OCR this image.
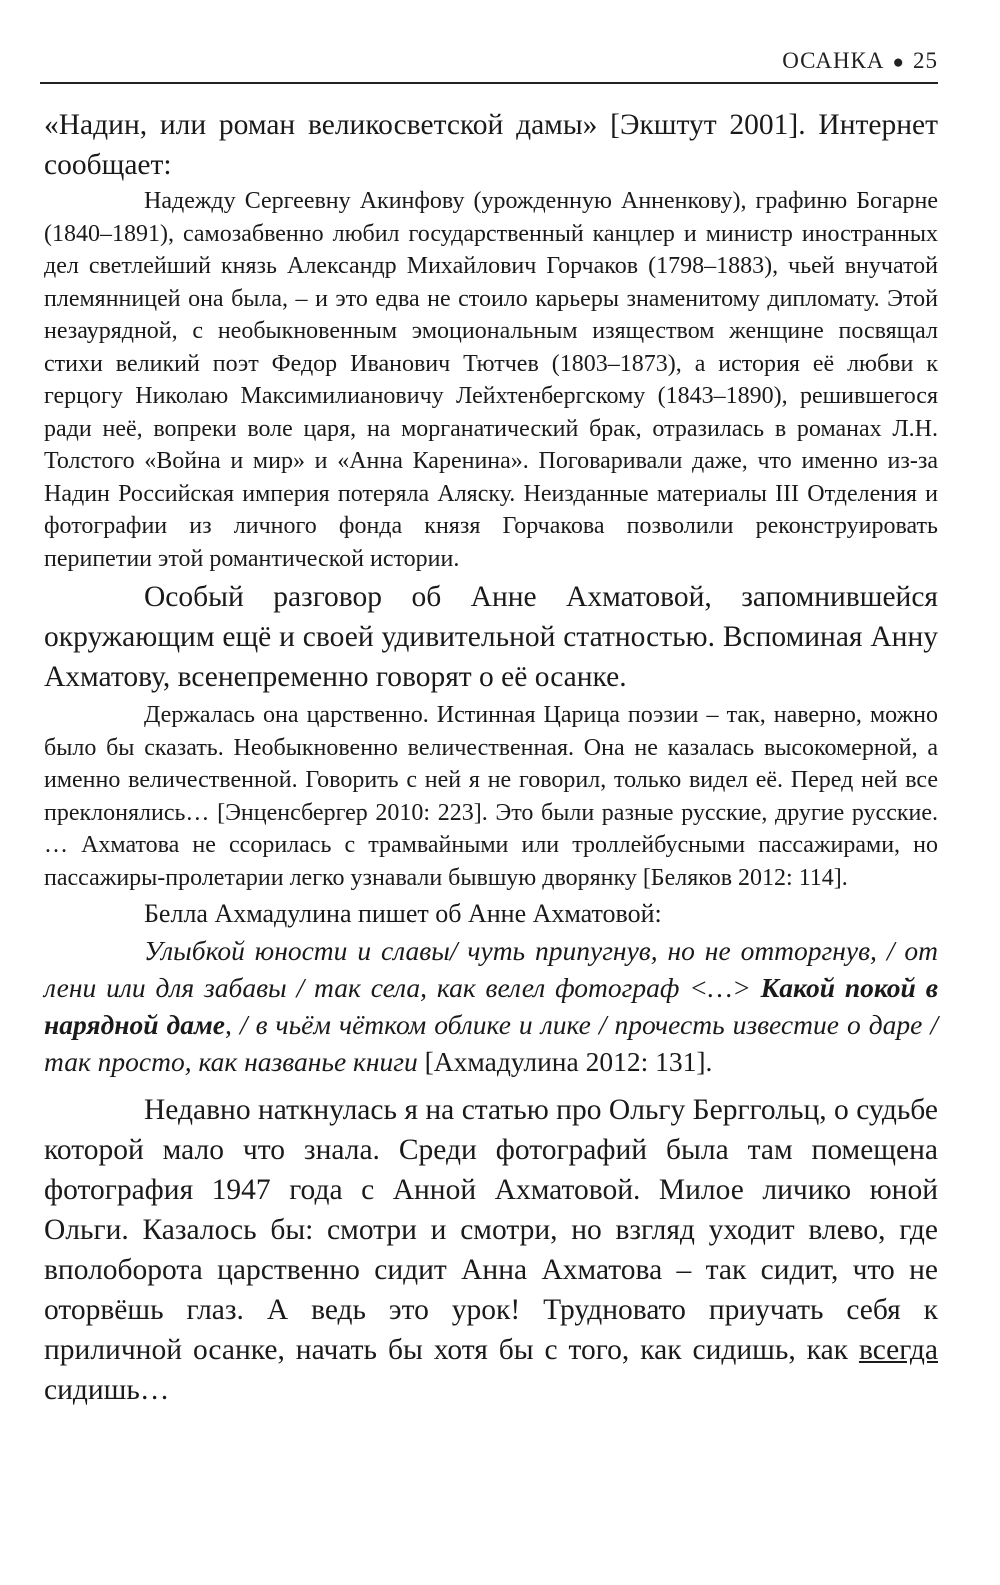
ОСАНКА ● 25

«Надин, или роман великосветской дамы» [Экштут 2001]. Интернет сообщает:

Надежду Сергеевну Акинфову (урожденную Анненкову), графиню Богарне (1840–1891), самозабвенно любил государственный канцлер и министр иностранных дел светлейший князь Александр Михайлович Горчаков (1798–1883), чьей внучатой племянницей она была, – и это едва не стоило карьеры знаменитому дипломату. Этой незаурядной, с необыкновенным эмоциональным изяществом женщине посвящал стихи великий поэт Федор Иванович Тютчев (1803–1873), а история её любви к герцогу Николаю Максимилиановичу Лейхтенбергскому (1843–1890), решившегося ради неё, вопреки воле царя, на морганатический брак, отразилась в романах Л.Н. Толстого «Война и мир» и «Анна Каренина». Поговаривали даже, что именно из-за Надин Российская империя потеряла Аляску. Неизданные материалы III Отделения и фотографии из личного фонда князя Горчакова позволили реконструировать перипетии этой романтической истории.

Особый разговор об Анне Ахматовой, запомнившейся окружающим ещё и своей удивительной статностью. Вспоминая Анну Ахматову, всенепременно говорят о её осанке.

Держалась она царственно. Истинная Царица поэзии – так, наверно, можно было бы сказать. Необыкновенно величественная. Она не казалась высокомерной, а именно величественной. Говорить с ней я не говорил, только видел её. Перед ней все преклонялись… [Энценсбергер 2010: 223]. Это были разные русские, другие русские. … Ахматова не ссорилась с трамвайными или троллейбусными пассажирами, но пассажиры-пролетарии легко узнавали бывшую дворянку [Беляков 2012: 114].

Белла Ахмадулина пишет об Анне Ахматовой:

Улыбкой юности и славы/ чуть припугнув, но не отторгнув, / от лени или для забавы / так села, как велел фотограф <…> Какой покой в нарядной даме, / в чьём чётком облике и лике / прочесть известие о даре / так просто, как названье книги [Ахмадулина 2012: 131].

Недавно наткнулась я на статью про Ольгу Берггольц, о судьбе которой мало что знала. Среди фотографий была там помещена фотография 1947 года с Анной Ахматовой. Милое личико юной Ольги. Казалось бы: смотри и смотри, но взгляд уходит влево, где вполоборота царственно сидит Анна Ахматова – так сидит, что не оторвёшь глаз. А ведь это урок! Трудновато приучать себя к приличной осанке, начать бы хотя бы с того, как сидишь, как всегда сидишь…
